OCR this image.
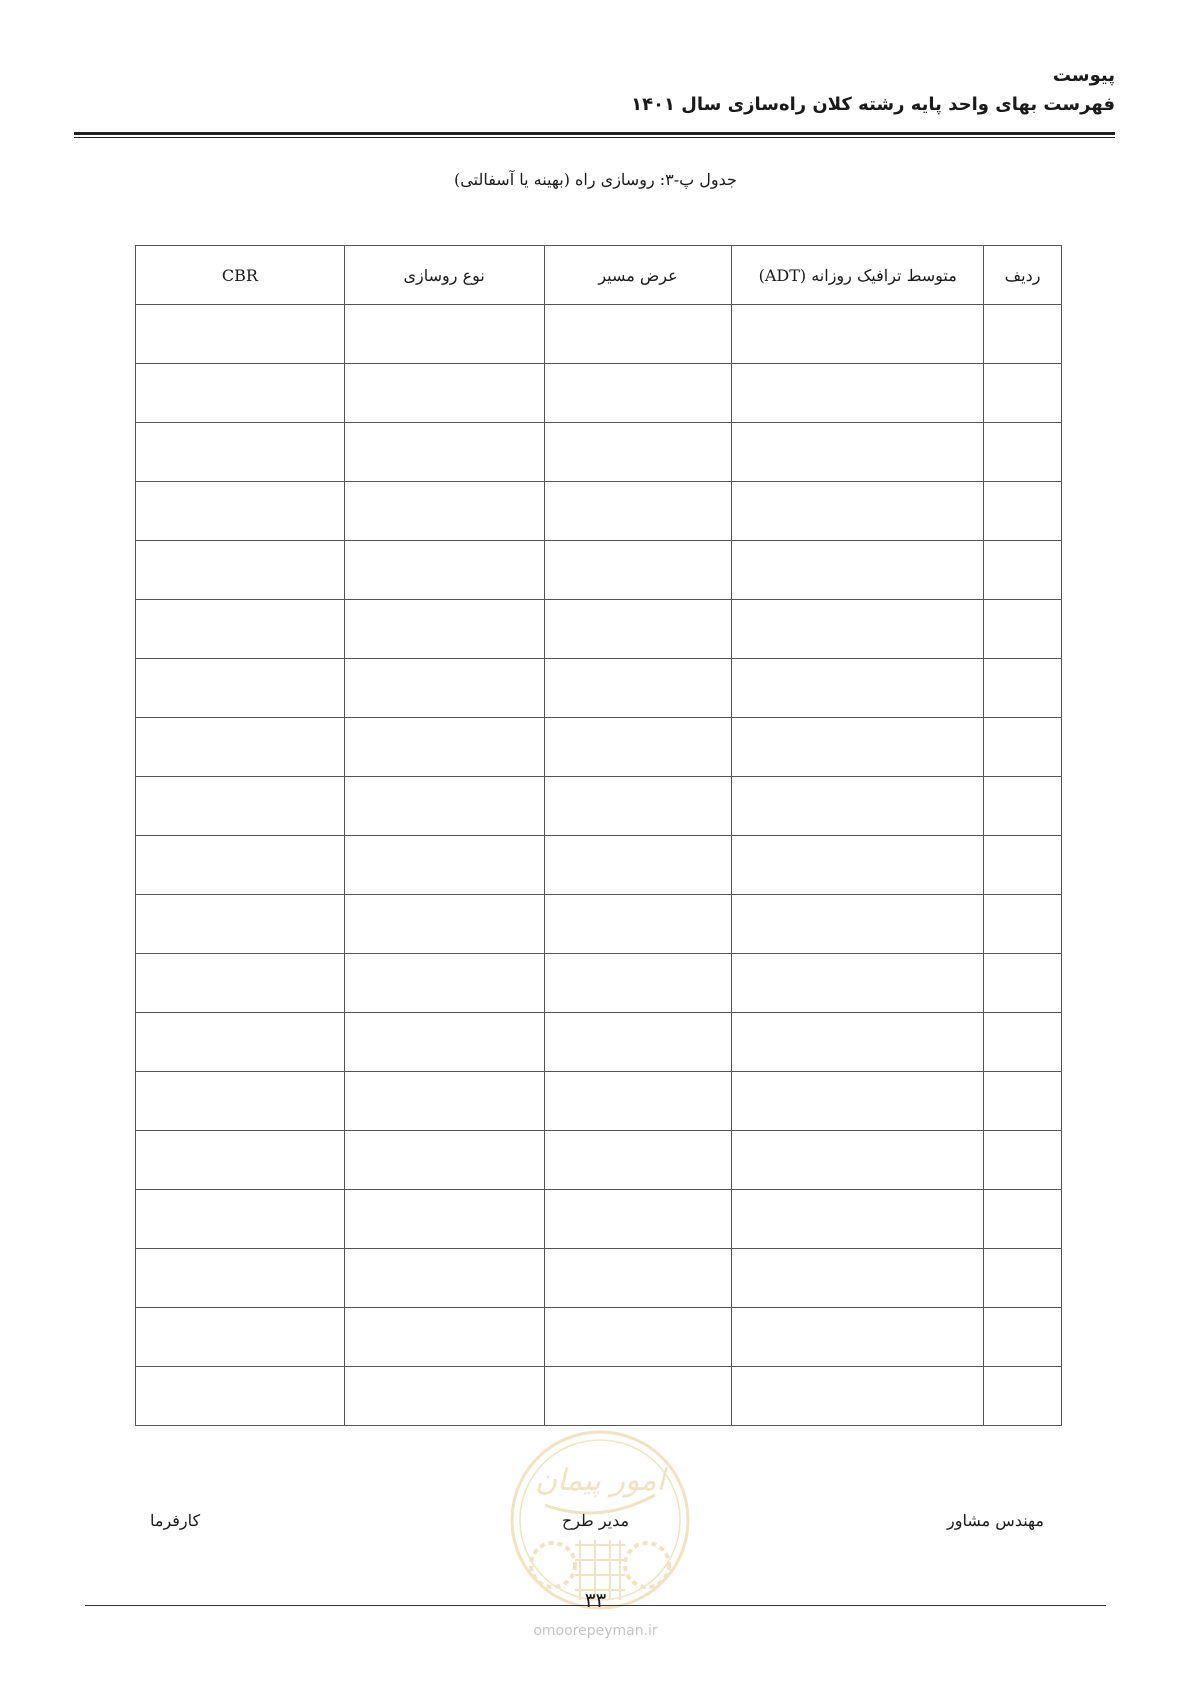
پیوست
فهرست بهای واحد پایه رشته کلان راه‌سازی سال ۱۴۰۱
جدول پ-۳: روسازی راه (بهینه یا آسفالتی)
ردیف	متوسط ترافیک روزانه (ADT)	عرض مسیر	نوع روسازی	CBR

امور پیمان
مهندس مشاور
مدیر طرح
کارفرما
۳۳
omoorepeyman.ir
